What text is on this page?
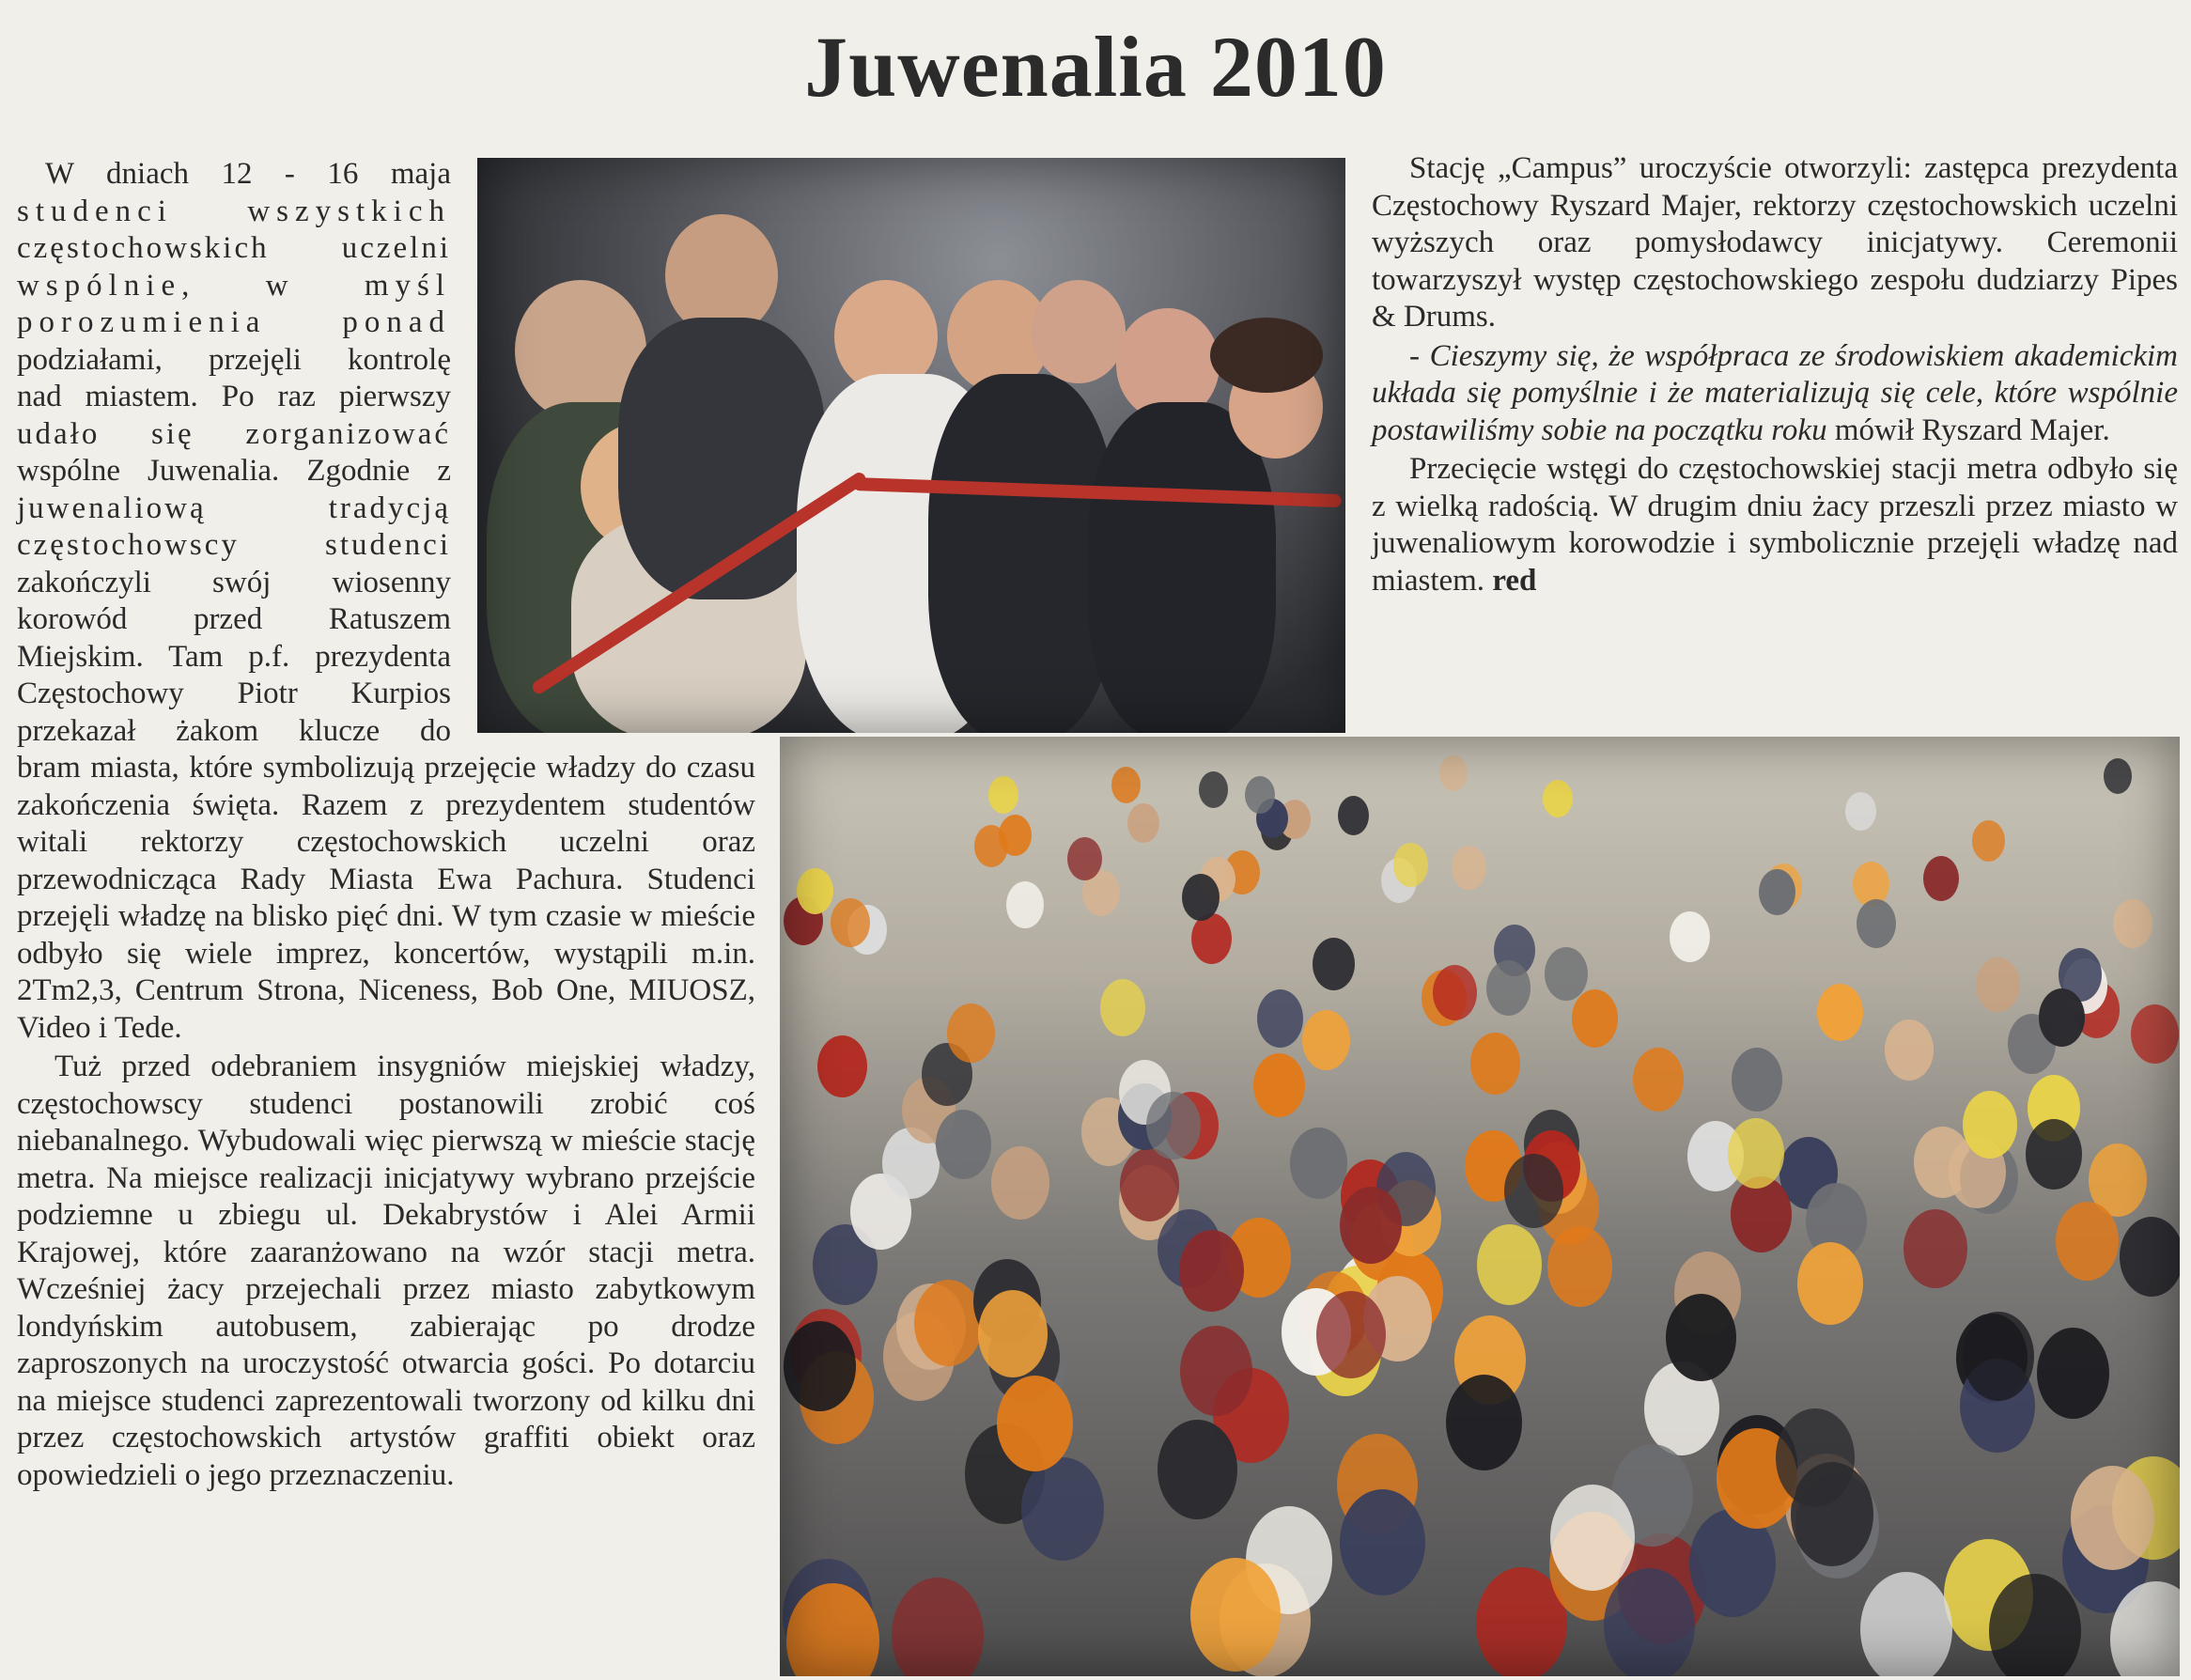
Juwenalia 2010
W dniach 12 - 16 maja
studenci wszystkich
częstochowskich uczelni
wspólnie, w myśl
porozumienia ponad
podziałami, przejęli kontrolę
nad miastem. Po raz pierwszy
udało się zorganizować
wspólne Juwenalia. Zgodnie z
juwenaliową tradycją
częstochowscy studenci
zakończyli swój wiosenny
korowód przed Ratuszem
Miejskim. Tam p.f. prezydenta
Częstochowy Piotr Kurpios
przekazał żakom klucze do

bram miasta, które symbolizują przejęcie władzy do czasu zakończenia święta. Razem z prezydentem studentów witali rektorzy częstochowskich uczelni oraz przewodnicząca Rady Miasta Ewa Pachura. Studenci przejęli władzę na blisko pięć dni. W tym czasie w mieście odbyło się wiele imprez, koncertów, wystąpili m.in. 2Tm2,3, Centrum Strona, Niceness, Bob One, MIUOSZ, Video i Tede.

Tuż przed odebraniem insygniów miejskiej władzy, częstochowscy studenci postanowili zrobić coś niebanalnego. Wybudowali więc pierwszą w mieście stację metra. Na miejsce realizacji inicjatywy wybrano przejście podziemne u zbiegu ul. Dekabrystów i Alei Armii Krajowej, które zaaranżowano na wzór stacji metra. Wcześniej żacy przejechali przez miasto zabytkowym londyńskim autobusem, zabierając po drodze zaproszonych na uroczystość otwarcia gości. Po dotarciu na miejsce studenci zaprezentowali tworzony od kilku dni przez częstochowskich artystów graffiti obiekt oraz opowiedzieli o jego przeznaczeniu.

Stację „Campus” uroczyście otworzyli: zastępca prezydenta Częstochowy Ryszard Majer, rektorzy częstochowskich uczelni wyższych oraz pomysłodawcy inicjatywy. Ceremonii towarzyszył występ częstochowskiego zespołu dudziarzy Pipes & Drums.

- Cieszymy się, że współpraca ze środowiskiem akademickim układa się pomyślnie i że materializują się cele, które wspólnie postawiliśmy sobie na początku roku mówił Ryszard Majer.

Przecięcie wstęgi do częstochowskiej stacji metra odbyło się z wielką radością. W drugim dniu żacy przeszli przez miasto w juwenaliowym korowodzie i symbolicznie przejęli władzę nad miastem. red
